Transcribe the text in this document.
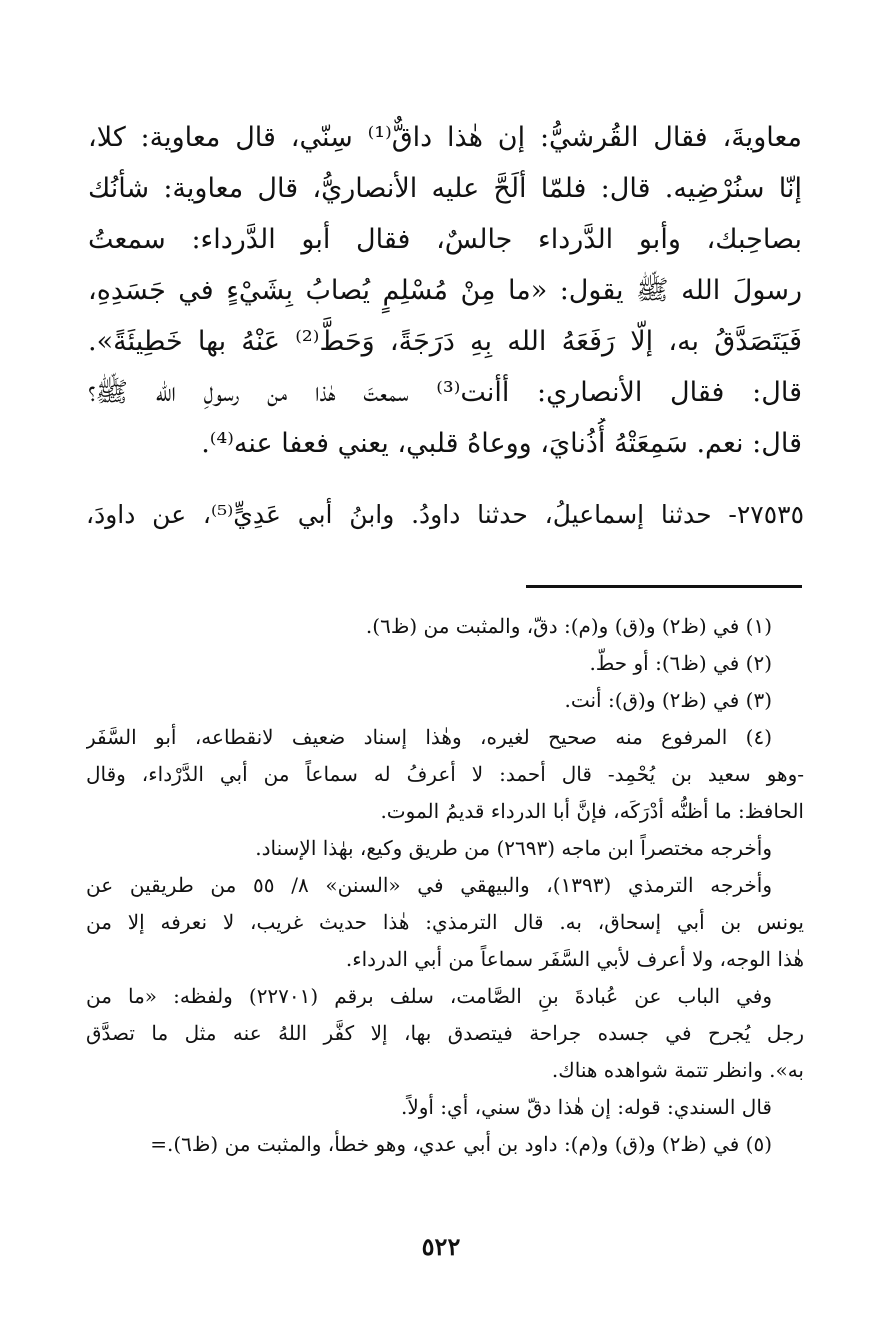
معاويةَ، فقال القُرشيُّ: إن هٰذا داقٌّ⁽¹⁾ سِنّي، قال معاوية: كلا،
إنّا سنُرْضِيه. قال: فلمّا ألَحَّ عليه الأنصاريُّ، قال معاوية: شأنُك
بصاحِبك، وأبو الدَّرداء جالسٌ، فقال أبو الدَّرداء: سمعتُ
رسولَ الله ﷺ يقول: «ما مِنْ مُسْلِمٍ يُصابُ بِشَيْءٍ في جَسَدِهِ،
فَيَتَصَدَّقُ به، إلّا رَفَعَهُ الله بِهِ دَرَجَةً، وَحَطَّ⁽²⁾ عَنْهُ بها خَطِيئَةً».
قال: فقال الأنصاري: أأنت⁽³⁾ سمعتَ هٰذا من رسولِ الله ﷺ؟
قال: نعم. سَمِعَتْهُ أُذُنايَ، ووعاهُ قلبي، يعني فعفا عنه⁽⁴⁾.
٢٧٥٣٥- حدثنا إسماعيلُ، حدثنا داودُ. وابنُ أبي عَدِيٍّ⁽⁵⁾، عن داودَ،
(١) في (ظ٢) و(ق) و(م): دقّ، والمثبت من (ظ٦).
(٢) في (ظ٦): أو حطّ.
(٣) في (ظ٢) و(ق): أنت.
(٤) المرفوع منه صحيح لغيره، وهٰذا إسناد ضعيف لانقطاعه، أبو السَّفَر
-وهو سعيد بن يُحْمِد- قال أحمد: لا أعرفُ له سماعاً من أبي الدَّرْداء، وقال
الحافظ: ما أظنُّه أدْرَكَه، فإنَّ أبا الدرداء قديمُ الموت.
وأخرجه مختصراً ابن ماجه (٢٦٩٣) من طريق وكيع، بهٰذا الإسناد.
وأخرجه الترمذي (١٣٩٣)، والبيهقي في «السنن» ٨/ ٥٥ من طريقين عن
يونس بن أبي إسحاق، به. قال الترمذي: هٰذا حديث غريب، لا نعرفه إلا من
هٰذا الوجه، ولا أعرف لأبي السَّفَر سماعاً من أبي الدرداء.
وفي الباب عن عُبادةَ بنِ الصَّامت، سلف برقم (٢٢٧٠١) ولفظه: «ما من
رجل يُجرح في جسده جراحة فيتصدق بها، إلا كفَّر اللهُ عنه مثل ما تصدَّق
به». وانظر تتمة شواهده هناك.
قال السندي: قوله: إن هٰذا دقّ سني، أي: أولاً.
(٥) في (ظ٢) و(ق) و(م): داود بن أبي عدي، وهو خطأ، والمثبت من (ظ٦).=
٥٢٢
